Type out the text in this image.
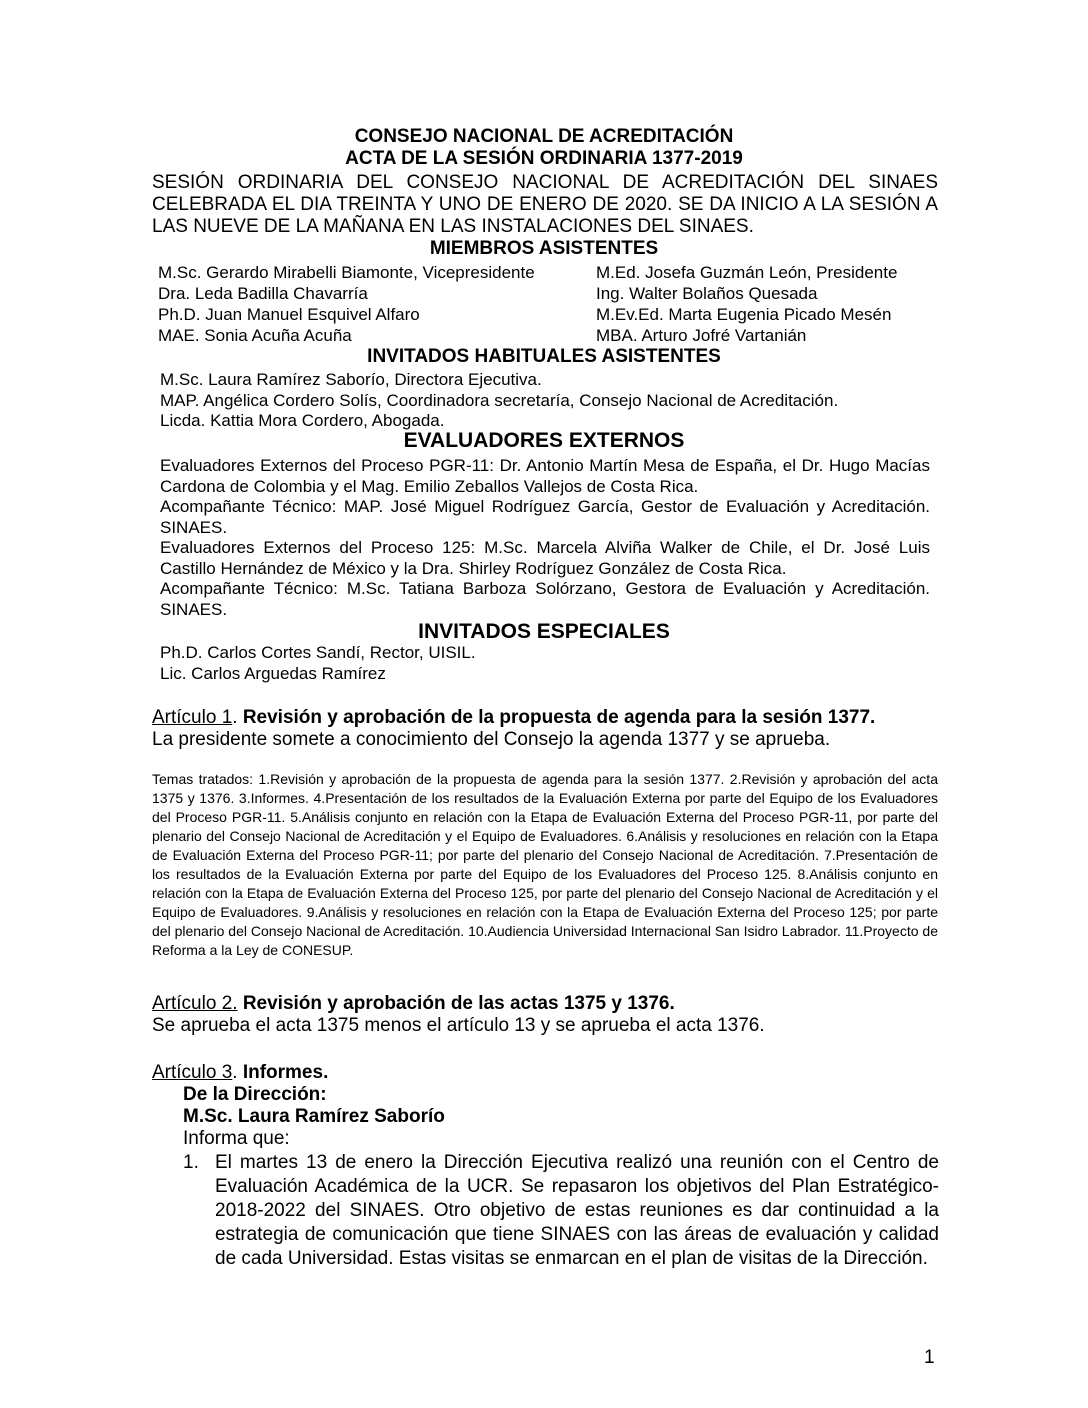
CONSEJO NACIONAL DE ACREDITACIÓN
ACTA DE LA SESIÓN ORDINARIA 1377-2019
SESIÓN ORDINARIA DEL CONSEJO NACIONAL DE ACREDITACIÓN DEL SINAES CELEBRADA EL DIA TREINTA Y UNO DE ENERO DE 2020. SE DA INICIO A LA SESIÓN A LAS NUEVE DE LA MAÑANA EN LAS INSTALACIONES DEL SINAES.
MIEMBROS ASISTENTES
M.Sc. Gerardo Mirabelli Biamonte, Vicepresidente	M.Ed. Josefa Guzmán León, Presidente
Dra. Leda Badilla Chavarría	Ing. Walter Bolaños Quesada
Ph.D. Juan Manuel Esquivel Alfaro	M.Ev.Ed. Marta Eugenia Picado Mesén
MAE. Sonia Acuña Acuña	MBA. Arturo Jofré Vartanián
INVITADOS HABITUALES ASISTENTES
M.Sc. Laura Ramírez Saborío, Directora Ejecutiva.
MAP. Angélica Cordero Solís, Coordinadora secretaría, Consejo Nacional de Acreditación.
Licda. Kattia Mora Cordero, Abogada.
EVALUADORES EXTERNOS
Evaluadores Externos del Proceso PGR-11: Dr. Antonio Martín Mesa de España, el Dr. Hugo Macías Cardona de Colombia y el Mag. Emilio Zeballos Vallejos de Costa Rica.
Acompañante Técnico: MAP. José Miguel Rodríguez García, Gestor de Evaluación y Acreditación. SINAES.
Evaluadores Externos del Proceso 125: M.Sc. Marcela Alviña Walker de Chile, el Dr. José Luis Castillo Hernández de México y la Dra. Shirley Rodríguez González de Costa Rica.
Acompañante Técnico: M.Sc. Tatiana Barboza Solórzano, Gestora de Evaluación y Acreditación. SINAES.
INVITADOS ESPECIALES
Ph.D. Carlos Cortes Sandí, Rector, UISIL.
Lic. Carlos Arguedas Ramírez
Artículo 1. Revisión y aprobación de la propuesta de agenda para la sesión 1377.
La presidente somete a conocimiento del Consejo la agenda 1377 y se aprueba.
Temas tratados: 1.Revisión y aprobación de la propuesta de agenda para la sesión 1377. 2.Revisión y aprobación del acta 1375 y 1376. 3.Informes. 4.Presentación de los resultados de la Evaluación Externa por parte del Equipo de los Evaluadores del Proceso PGR-11. 5.Análisis conjunto en relación con la Etapa de Evaluación Externa del Proceso PGR-11, por parte del plenario del Consejo Nacional de Acreditación y el Equipo de Evaluadores. 6.Análisis y resoluciones en relación con la Etapa de Evaluación Externa del Proceso PGR-11; por parte del plenario del Consejo Nacional de Acreditación. 7.Presentación de los resultados de la Evaluación Externa por parte del Equipo de los Evaluadores del Proceso 125. 8.Análisis conjunto en relación con la Etapa de Evaluación Externa del Proceso 125, por parte del plenario del Consejo Nacional de Acreditación y el Equipo de Evaluadores. 9.Análisis y resoluciones en relación con la Etapa de Evaluación Externa del Proceso 125; por parte del plenario del Consejo Nacional de Acreditación. 10.Audiencia Universidad Internacional San Isidro Labrador. 11.Proyecto de Reforma a la Ley de CONESUP.
Artículo 2. Revisión y aprobación de las actas 1375 y 1376.
Se aprueba el acta 1375 menos el artículo 13 y se aprueba el acta 1376.
Artículo 3. Informes.
De la Dirección:
M.Sc. Laura Ramírez Saborío
Informa que:
1. El martes 13 de enero la Dirección Ejecutiva realizó una reunión con el Centro de Evaluación Académica de la UCR. Se repasaron los objetivos del Plan Estratégico-2018-2022 del SINAES. Otro objetivo de estas reuniones es dar continuidad a la estrategia de comunicación que tiene SINAES con las áreas de evaluación y calidad de cada Universidad. Estas visitas se enmarcan en el plan de visitas de la Dirección.
1
